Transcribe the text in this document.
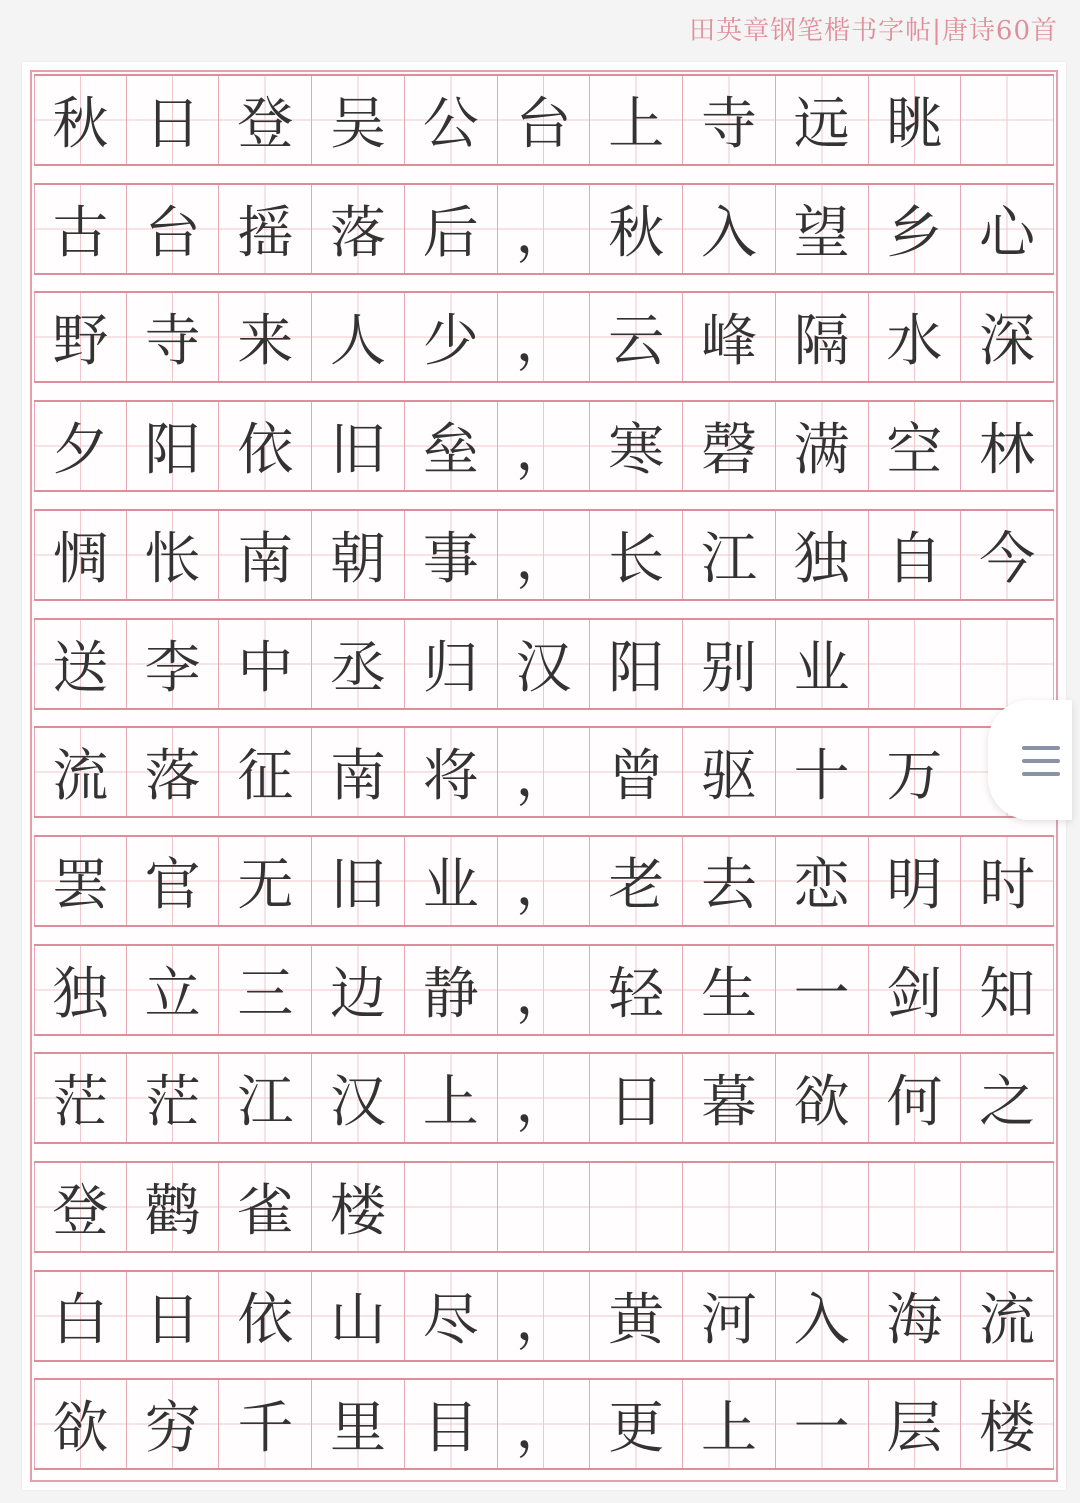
田英章钢笔楷书字帖|唐诗60首
秋 日 登 吴 公 台 上 寺 远 眺
古 台 摇 落 后 ， 秋 入 望 乡 心
野 寺 来 人 少 ， 云 峰 隔 水 深
夕 阳 依 旧 垒 ， 寒 磬 满 空 林
惆 怅 南 朝 事 ， 长 江 独 自 今
送 李 中 丞 归 汉 阳 别 业
流 落 征 南 将 ， 曾 驱 十 万
罢 官 无 旧 业 ， 老 去 恋 明 时
独 立 三 边 静 ， 轻 生 一 剑 知
茫 茫 江 汉 上 ， 日 暮 欲 何 之
登 鹳 雀 楼
白 日 依 山 尽 ， 黄 河 入 海 流
欲 穷 千 里 目 ， 更 上 一 层 楼
